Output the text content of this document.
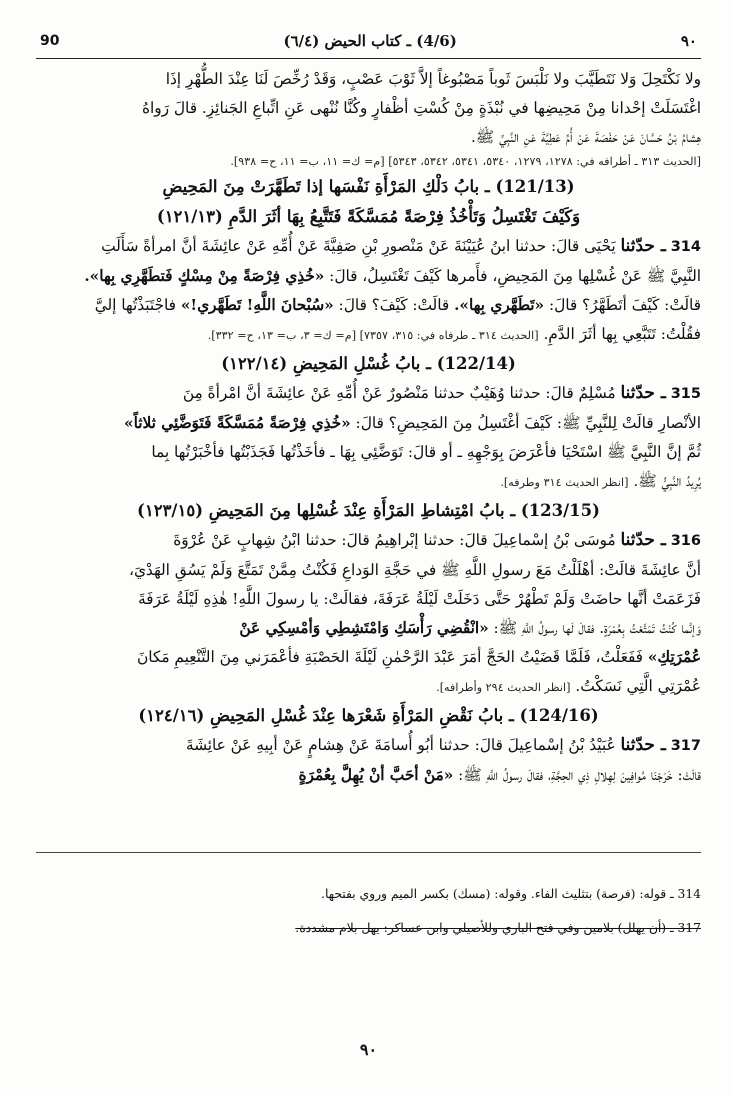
٩٠
(4/6) ـ كتاب الحيض (٦/٤)
90

ولا نَكْتَحِلَ وَلا نَتَطَيَّبَ ولا نَلْبَسَ ثَوباً مَصْبُوغاً إلاَّ ثَوْبَ عَصْبٍ، وَقَدْ رُخِّصَ لَنَا عِنْدَ الطُّهْرِ إذَا

اغْتَسَلَتْ إحْدانا مِنْ مَحِيضِها في نُبْذَةٍ مِنْ كُسْتِ أظْفارٍ وكُنَّا نُنْهى عَنِ اتِّباعِ الجَنائِزِ. قالَ رَواهُ

هِشامُ بْنُ حَسَّانَ عَنْ حَفْصَةَ عَنْ أُمِّ عَطِيَّةَ عَنِ النَّبِيِّ ﷺ.

[الحديث ٣١٣ ـ أطرافه في: ١٢٧٨، ١٢٧٩، ٥٣٤٠، ٥٣٤١، ٥٣٤٢، ٥٣٤٣] [م= ك= ١١، ب= ١١، ح= ٩٣٨].

(121/13) ـ بابُ دَلْكِ المَرْأَةِ نَفْسَها إذا تَطَهَّرَتْ مِنَ المَحِيضِ

وَكَيْفَ تَغْتَسِلُ وَتَأْخُذُ فِرْصَةً مُمَسَّكَةً فَتَتَّبِعُ بِهَا أثَرَ الدَّمِ (١٢١/١٣)

314 ـ حدّثنا يَحْيَى قالَ: حدثنا ابنُ عُيَيْنَةَ عَنْ مَنْصورِ بْنِ صَفِيَّةَ عَنْ أُمِّهِ عَنْ عائِشَةَ أنَّ امرأةً سَأَلَتِ

النَّبِيَّ ﷺ عَنْ غُسْلِها مِنَ المَحِيضِ، فأَمرها كَيْفَ تَغْتَسِلُ، قالَ: «خُذِي فِرْصَةً مِنْ مِسْكٍ فَتطَهَّرِي بِها».

قالَتْ: كَيْفَ أتَطَهَّرُ؟ قالَ: «تَطَهَّري بِها». قالَتْ: كَيْفَ؟ قالَ: «سُبْحانَ اللَّهِ! تَطَهَّري!» فاجْتَبَذْتُها إليَّ

فقُلْتُ: تَتَبَّعِي بِها أثَرَ الدَّمِ. [الحديث ٣١٤ ـ طرفاه في: ٣١٥، ٧٣٥٧] [م= ك= ٣، ب= ١٣، ح= ٣٣٢].

(122/14) ـ بابُ غُسْلِ المَحِيضِ (١٢٢/١٤)

315 ـ حدّثنا مُسْلِمٌ قالَ: حدثنا وُهَيْبٌ حدثنا مَنْصُورٌ عَنْ أُمِّهِ عَنْ عائِشَةَ أنَّ امْرأةً مِنَ

الأنْصارِ قالَتْ لِلنَّبِيِّ ﷺ: كَيْفَ أغْتَسِلُ مِنَ المَحِيضِ؟ قالَ: «خُذِي فِرْصَةً مُمَسَّكَةً فَتَوَضَّئِي ثلاثاً»

ثُمَّ إنَّ النَّبِيَّ ﷺ اسْتَحْيَا فأعْرَضَ بِوَجْهِهِ ـ أو قالَ: تَوَضَّئِي بِهَا ـ فأخَذْتُها فَجَذَبْتُها فأخْبَرْتُها بِما

يُرِيدُ النَّبِيُّ ﷺ. [انظر الحديث ٣١٤ وطرفه].

(123/15) ـ بابُ امْتِشاطِ المَرْأَةِ عِنْدَ غُسْلِها مِنَ المَحِيضِ (١٢٣/١٥)

316 ـ حدّثنا مُوسَى بْنُ إسْماعِيلَ قالَ: حدثنا إبْراهِيمُ قالَ: حدثنا ابْنُ شِهابٍ عَنْ عُرْوَةَ

أنَّ عائِشَةَ قالَتْ: أهْلَلْتُ مَعَ رسولِ اللَّهِ ﷺ في حَجَّةِ الوَداعِ فَكُنْتُ مِمَّنْ تَمَتَّعَ وَلَمْ يَسُقِ الهَدْيَ،

فَزَعَمَتْ أنَّها حاضَتْ وَلَمْ تَطْهُرْ حَتَّى دَخَلَتْ لَيْلَةُ عَرَفَةَ، فقالَتْ: يا رسولَ اللَّهِ! هٰذِهِ لَيْلَةُ عَرَفَةَ

وَإنَّما كُنْتُ تَمَتَّعْتُ بِعُمْرَةٍ. فقالَ لَها رسولُ اللَّهِ ﷺ: «انْقُضِي رَأْسَكِ وَامْتَشِطِي وَأمْسِكِي عَنْ

عُمْرَتِكِ» فَفَعَلْتُ، فَلَمَّا قَضَيْتُ الحَجَّ أمَرَ عَبْدَ الرَّحْمٰنِ لَيْلَةَ الحَصْبَةِ فأعْمَرَني مِنَ التَّنْعِيمِ مَكانَ

عُمْرَتِي الَّتِي نَسَكْتُ. [انظر الحديث ٢٩٤ وأطرافه].

(124/16) ـ بابُ نَقْضِ المَرْأَةِ شَعْرَها عِنْدَ غُسْلِ المَحِيضِ (١٢٤/١٦)

317 ـ حدّثنا عُبَيْدُ بْنُ إسْماعِيلَ قالَ: حدثنا أبُو أُسامَةَ عَنْ هِشامٍ عَنْ أبِيهِ عَنْ عائِشَةَ

قالَتْ: خَرَجْنَا مُوافِينَ لِهِلالِ ذِي الحِجَّةِ، فقالَ رسولُ اللَّهِ ﷺ: «مَنْ أحَبَّ أنْ يُهِلَّ بِعُمْرَةٍ

314 ـ قوله: (فرصة) بتثليث الفاء. وقوله: (مسك) بكسر الميم وروي بفتحها.

317 ـ (أن يهلل) بلامين وفي فتح الباري وللأصيلي وابن عساكر: يهل بلام مشددة.

٩٠
